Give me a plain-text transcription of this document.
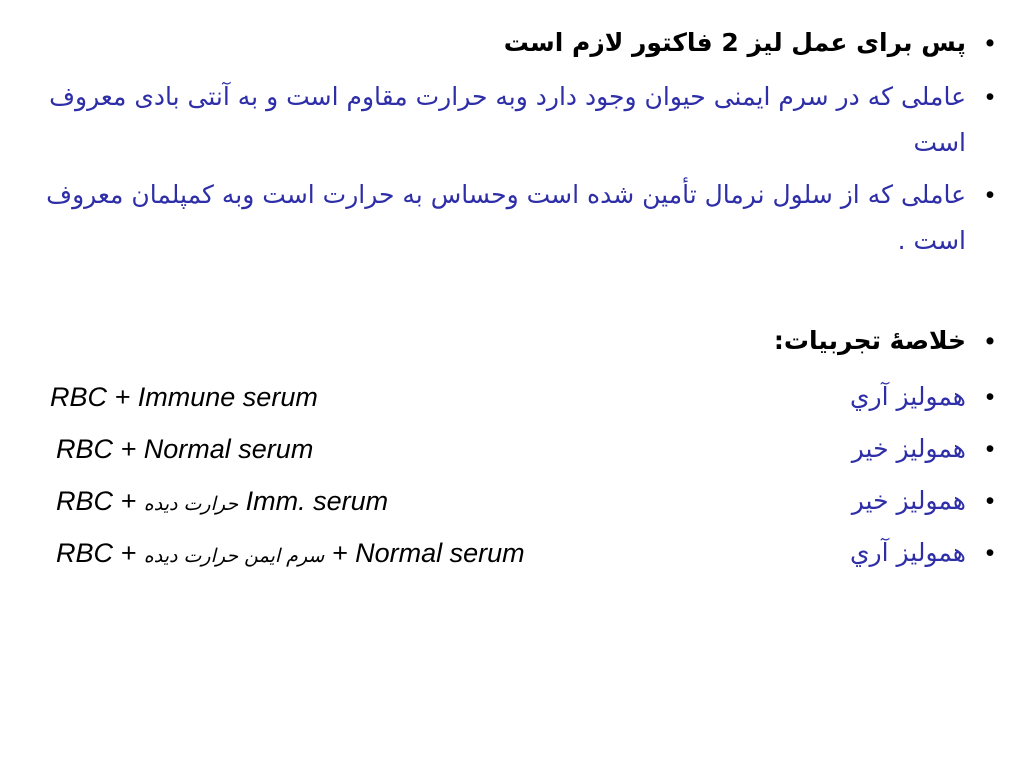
•
پس برای عمل لیز 2 فاکتور لازم است
•
عاملی که در سرم ایمنی حیوان وجود دارد وبه حرارت مقاوم است و به آنتی بادی معروف است
•
عاملی که از سلول نرمال تأمین شده است وحساس به حرارت است وبه کمپلمان معروف است .
•
خلاصۀ تجربیات:
•
همولیز آري
•
همولیز خیر
•
همولیز خیر
•
همولیز آري
RBC + Immune serum
RBC + Normal serum
RBC + حرارت دیده Imm. serum
RBC + سرم ایمن حرارت دیده + Normal serum
